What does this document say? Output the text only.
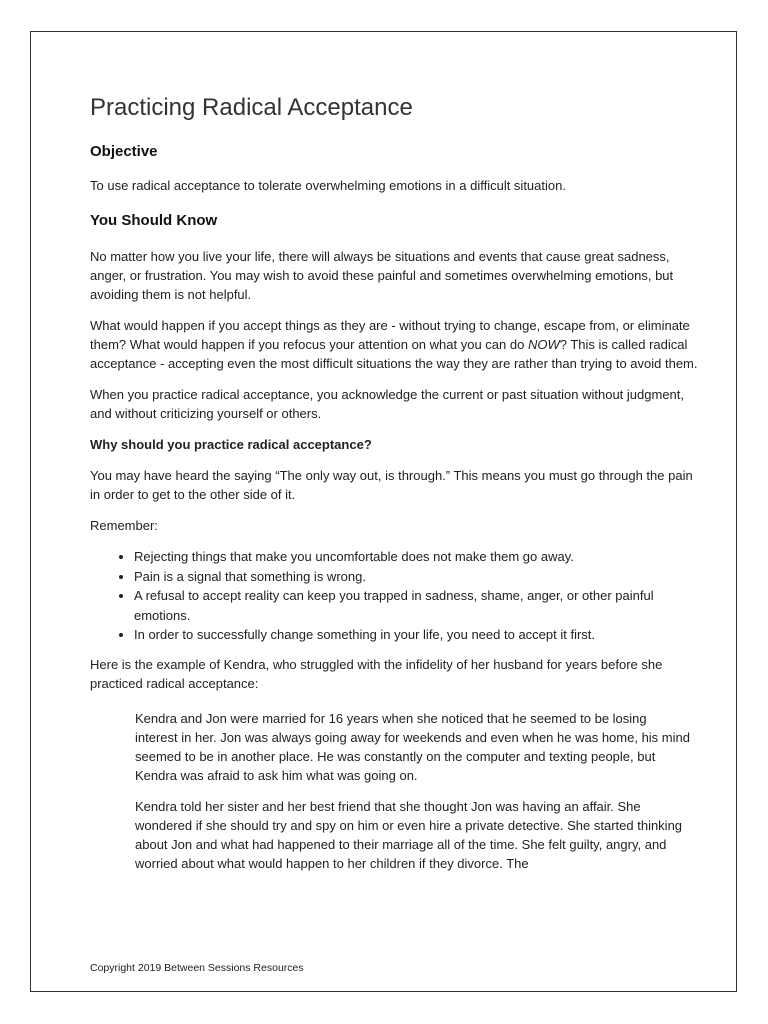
Practicing Radical Acceptance
Objective

To use radical acceptance to tolerate overwhelming emotions in a difficult situation.

You Should Know

No matter how you live your life, there will always be situations and events that cause great sadness, anger, or frustration. You may wish to avoid these painful and sometimes overwhelming emotions, but avoiding them is not helpful.

What would happen if you accept things as they are - without trying to change, escape from, or eliminate them? What would happen if you refocus your attention on what you can do NOW? This is called radical acceptance - accepting even the most difficult situations the way they are rather than trying to avoid them.

When you practice radical acceptance, you acknowledge the current or past situation without judgment, and without criticizing yourself or others.

Why should you practice radical acceptance?

You may have heard the saying “The only way out, is through.” This means you must go through the pain in order to get to the other side of it.

Remember:

• Rejecting things that make you uncomfortable does not make them go away.
• Pain is a signal that something is wrong.
• A refusal to accept reality can keep you trapped in sadness, shame, anger, or other painful emotions.
• In order to successfully change something in your life, you need to accept it first.

Here is the example of Kendra, who struggled with the infidelity of her husband for years before she practiced radical acceptance:

Kendra and Jon were married for 16 years when she noticed that he seemed to be losing interest in her. Jon was always going away for weekends and even when he was home, his mind seemed to be in another place. He was constantly on the computer and texting people, but Kendra was afraid to ask him what was going on.

Kendra told her sister and her best friend that she thought Jon was having an affair. She wondered if she should try and spy on him or even hire a private detective. She started thinking about Jon and what had happened to their marriage all of the time. She felt guilty, angry, and worried about what would happen to her children if they divorce. The

Copyright 2019 Between Sessions Resources
